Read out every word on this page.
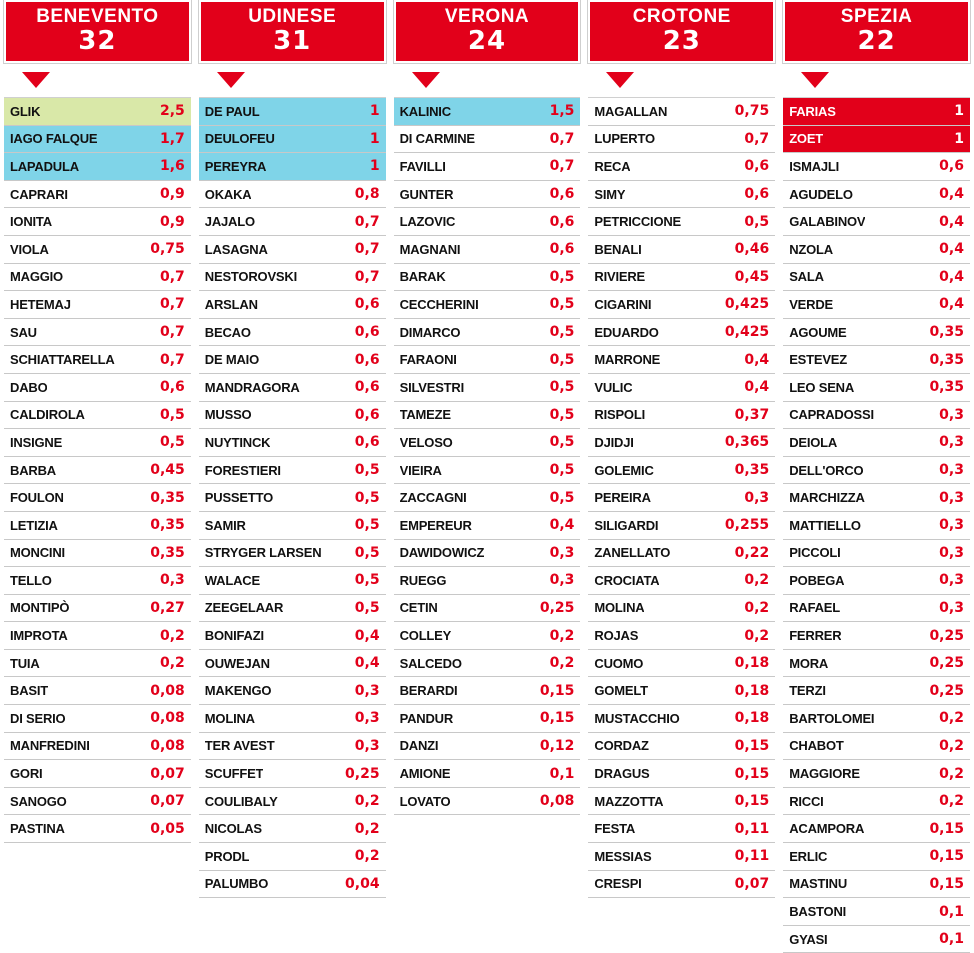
BENEVENTO
32
GLIK	2,5
IAGO FALQUE	1,7
LAPADULA	1,6
CAPRARI	0,9
IONITA	0,9
VIOLA	0,75
MAGGIO	0,7
HETEMAJ	0,7
SAU	0,7
SCHIATTARELLA	0,7
DABO	0,6
CALDIROLA	0,5
INSIGNE	0,5
BARBA	0,45
FOULON	0,35
LETIZIA	0,35
MONCINI	0,35
TELLO	0,3
MONTIPÒ	0,27
IMPROTA	0,2
TUIA	0,2
BASIT	0,08
DI SERIO	0,08
MANFREDINI	0,08
GORI	0,07
SANOGO	0,07
PASTINA	0,05
UDINESE
31
DE PAUL	1
DEULOFEU	1
PEREYRA	1
OKAKA	0,8
JAJALO	0,7
LASAGNA	0,7
NESTOROVSKI	0,7
ARSLAN	0,6
BECAO	0,6
DE MAIO	0,6
MANDRAGORA	0,6
MUSSO	0,6
NUYTINCK	0,6
FORESTIERI	0,5
PUSSETTO	0,5
SAMIR	0,5
STRYGER LARSEN 0,5
WALACE	0,5
ZEEGELAAR	0,5
BONIFAZI	0,4
OUWEJAN	0,4
MAKENGO	0,3
MOLINA	0,3
TER AVEST	0,3
SCUFFET	0,25
COULIBALY	0,2
NICOLAS	0,2
PRODL	0,2
PALUMBO	0,04
VERONA
24
KALINIC	1,5
DI CARMINE	0,7
FAVILLI	0,7
GUNTER	0,6
LAZOVIC	0,6
MAGNANI	0,6
BARAK	0,5
CECCHERINI	0,5
DIMARCO	0,5
FARAONI	0,5
SILVESTRI	0,5
TAMEZE	0,5
VELOSO	0,5
VIEIRA	0,5
ZACCAGNI	0,5
EMPEREUR	0,4
DAWIDOWICZ	0,3
RUEGG	0,3
CETIN	0,25
COLLEY	0,2
SALCEDO	0,2
BERARDI	0,15
PANDUR	0,15
DANZI	0,12
AMIONE	0,1
LOVATO	0,08
CROTONE
23
MAGALLAN	0,75
LUPERTO	0,7
RECA	0,6
SIMY	0,6
PETRICCIONE	0,5
BENALI	0,46
RIVIERE	0,45
CIGARINI	0,425
EDUARDO	0,425
MARRONE	0,4
VULIC	0,4
RISPOLI	0,37
DJIDJI	0,365
GOLEMIC	0,35
PEREIRA	0,3
SILIGARDI	0,255
ZANELLATO	0,22
CROCIATA	0,2
MOLINA	0,2
ROJAS	0,2
CUOMO	0,18
GOMELT	0,18
MUSTACCHIO	0,18
CORDAZ	0,15
DRAGUS	0,15
MAZZOTTA	0,15
FESTA	0,11
MESSIAS	0,11
CRESPI	0,07
SPEZIA
22
FARIAS	1
ZOET	1
ISMAJLI	0,6
AGUDELO	0,4
GALABINOV	0,4
NZOLA	0,4
SALA	0,4
VERDE	0,4
AGOUME	0,35
ESTEVEZ	0,35
LEO SENA	0,35
CAPRADOSSI	0,3
DEIOLA	0,3
DELL'ORCO	0,3
MARCHIZZA	0,3
MATTIELLO	0,3
PICCOLI	0,3
POBEGA	0,3
RAFAEL	0,3
FERRER	0,25
MORA	0,25
TERZI	0,25
BARTOLOMEI	0,2
CHABOT	0,2
MAGGIORE	0,2
RICCI	0,2
ACAMPORA	0,15
ERLIC	0,15
MASTINU	0,15
BASTONI	0,1
GYASI	0,1
